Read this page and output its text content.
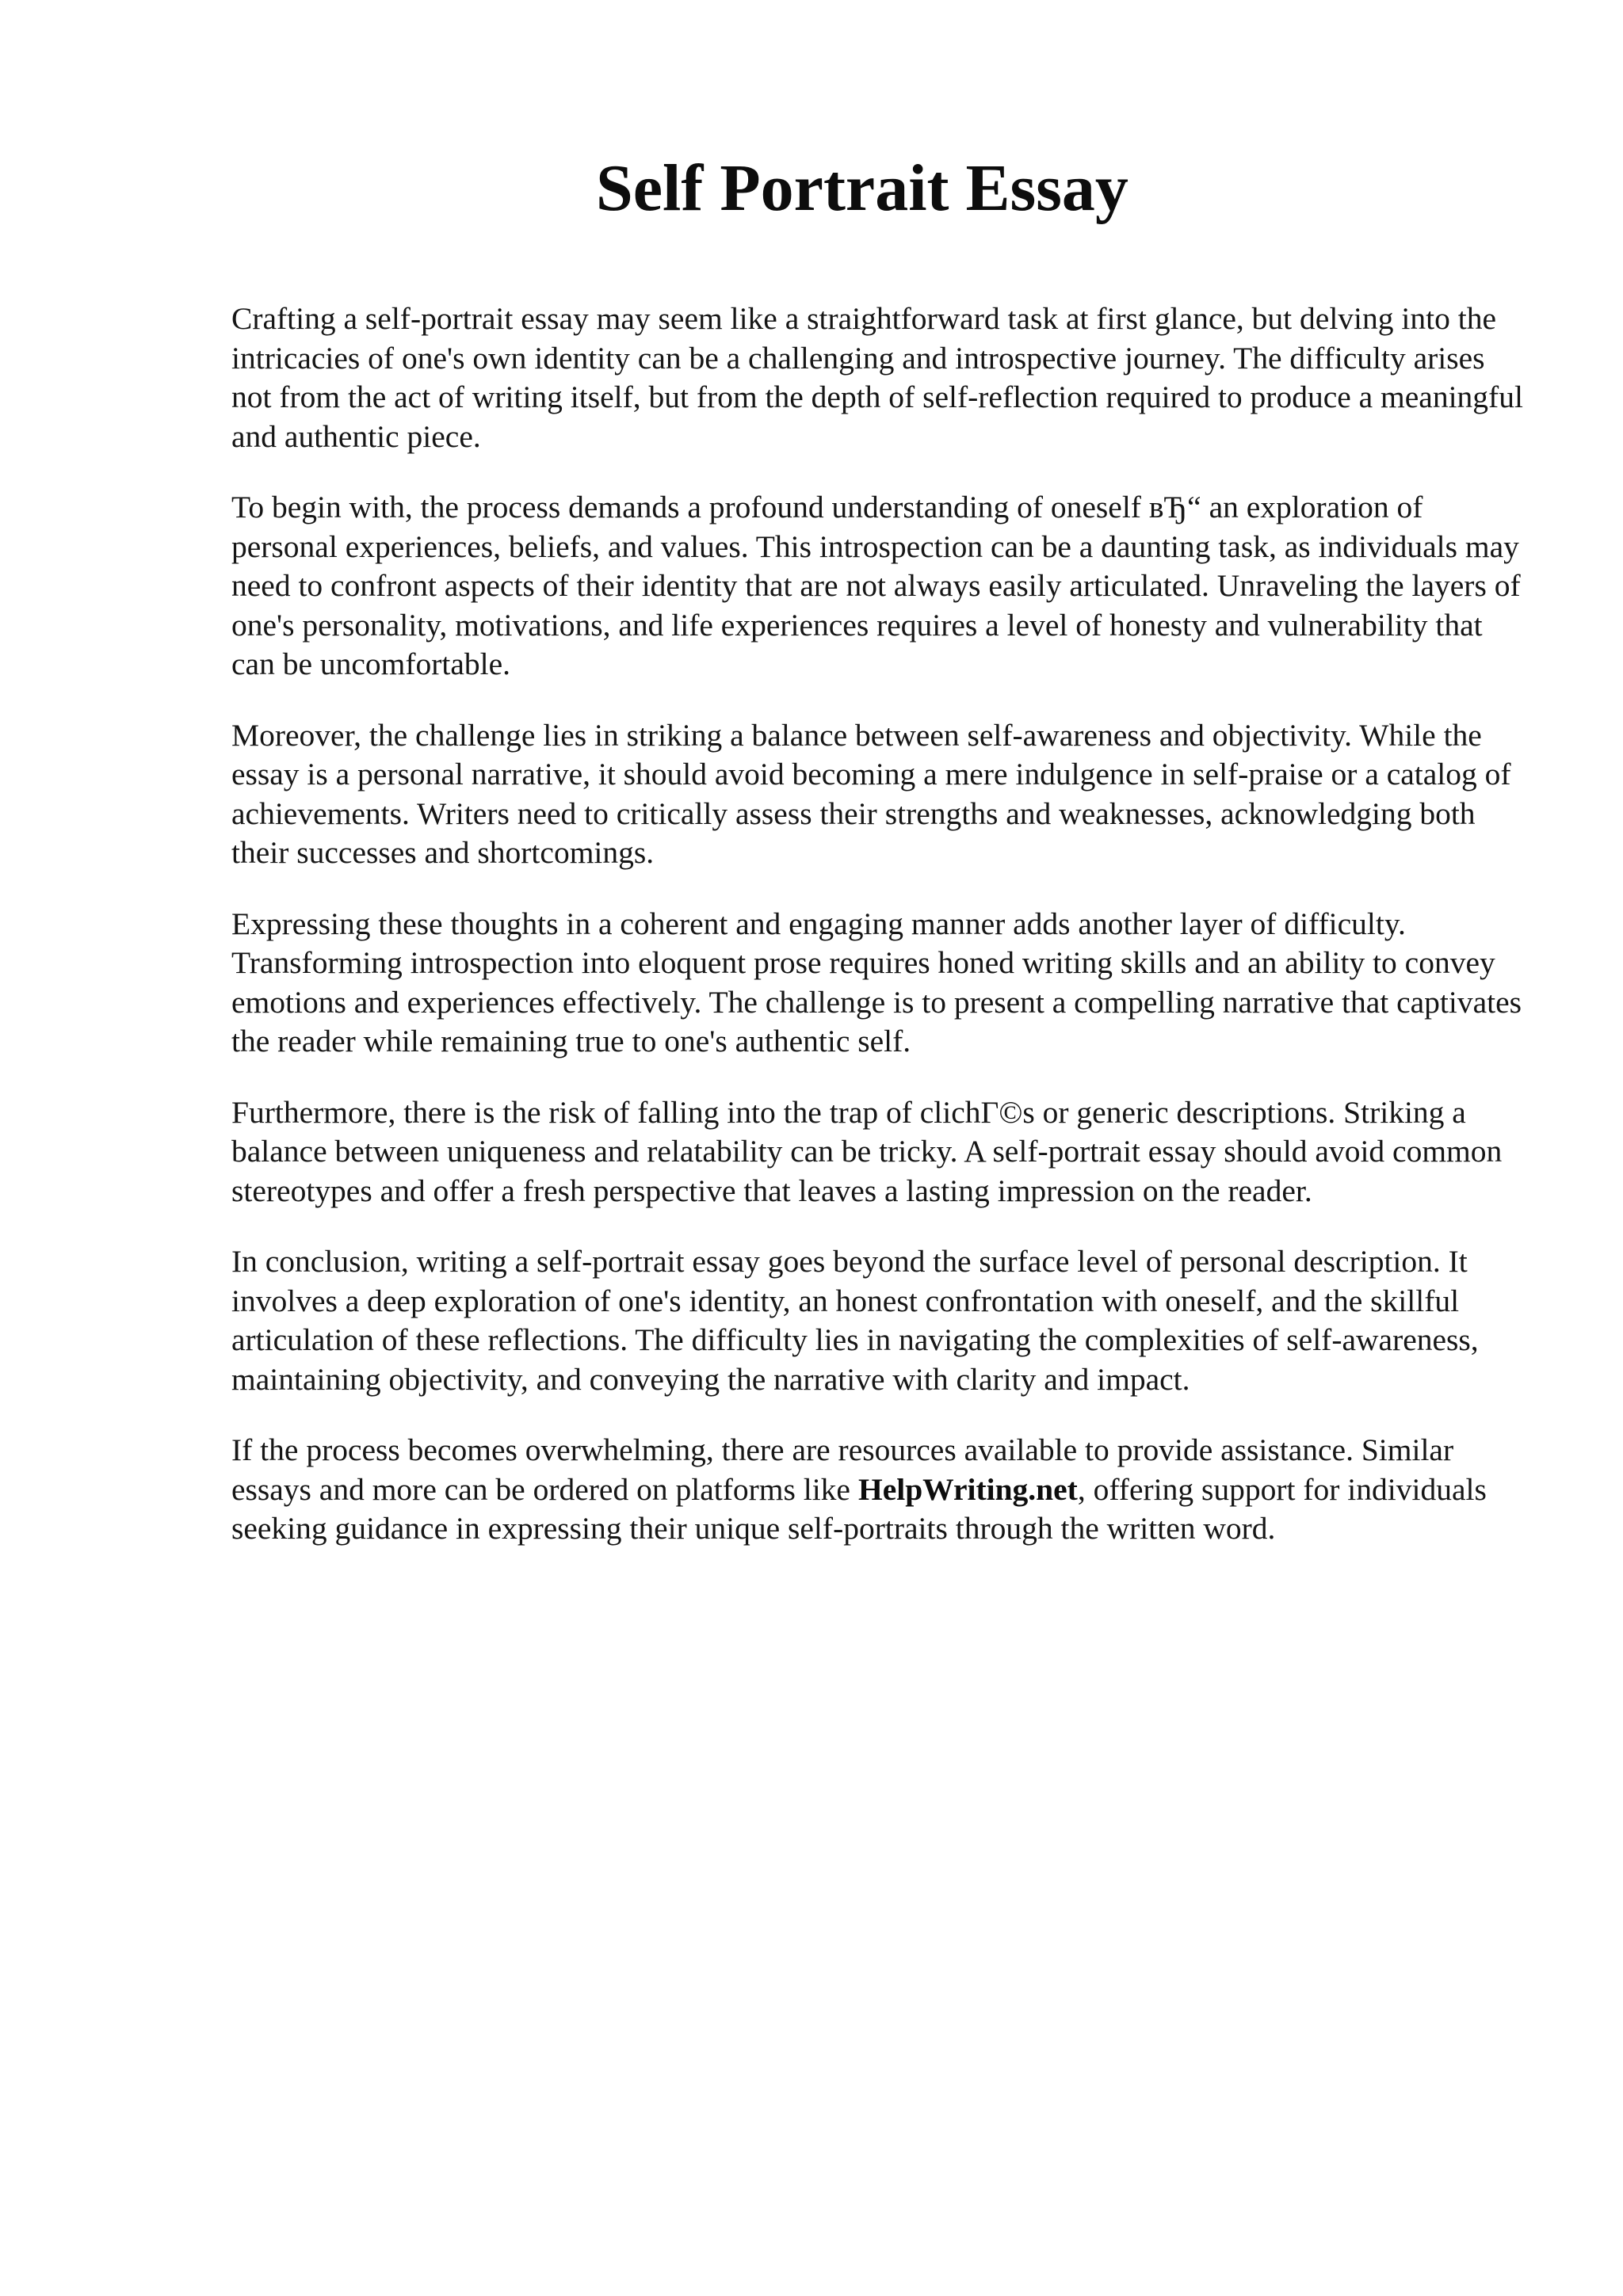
Self Portrait Essay

Crafting a self-portrait essay may seem like a straightforward task at first glance, but delving into the intricacies of one's own identity can be a challenging and introspective journey. The difficulty arises not from the act of writing itself, but from the depth of self-reflection required to produce a meaningful and authentic piece.

To begin with, the process demands a profound understanding of oneself вЂ“ an exploration of personal experiences, beliefs, and values. This introspection can be a daunting task, as individuals may need to confront aspects of their identity that are not always easily articulated. Unraveling the layers of one's personality, motivations, and life experiences requires a level of honesty and vulnerability that can be uncomfortable.

Moreover, the challenge lies in striking a balance between self-awareness and objectivity. While the essay is a personal narrative, it should avoid becoming a mere indulgence in self-praise or a catalog of achievements. Writers need to critically assess their strengths and weaknesses, acknowledging both their successes and shortcomings.

Expressing these thoughts in a coherent and engaging manner adds another layer of difficulty. Transforming introspection into eloquent prose requires honed writing skills and an ability to convey emotions and experiences effectively. The challenge is to present a compelling narrative that captivates the reader while remaining true to one's authentic self.

Furthermore, there is the risk of falling into the trap of clichГ©s or generic descriptions. Striking a balance between uniqueness and relatability can be tricky. A self-portrait essay should avoid common stereotypes and offer a fresh perspective that leaves a lasting impression on the reader.

In conclusion, writing a self-portrait essay goes beyond the surface level of personal description. It involves a deep exploration of one's identity, an honest confrontation with oneself, and the skillful articulation of these reflections. The difficulty lies in navigating the complexities of self-awareness, maintaining objectivity, and conveying the narrative with clarity and impact.

If the process becomes overwhelming, there are resources available to provide assistance. Similar essays and more can be ordered on platforms like HelpWriting.net, offering support for individuals seeking guidance in expressing their unique self-portraits through the written word.
